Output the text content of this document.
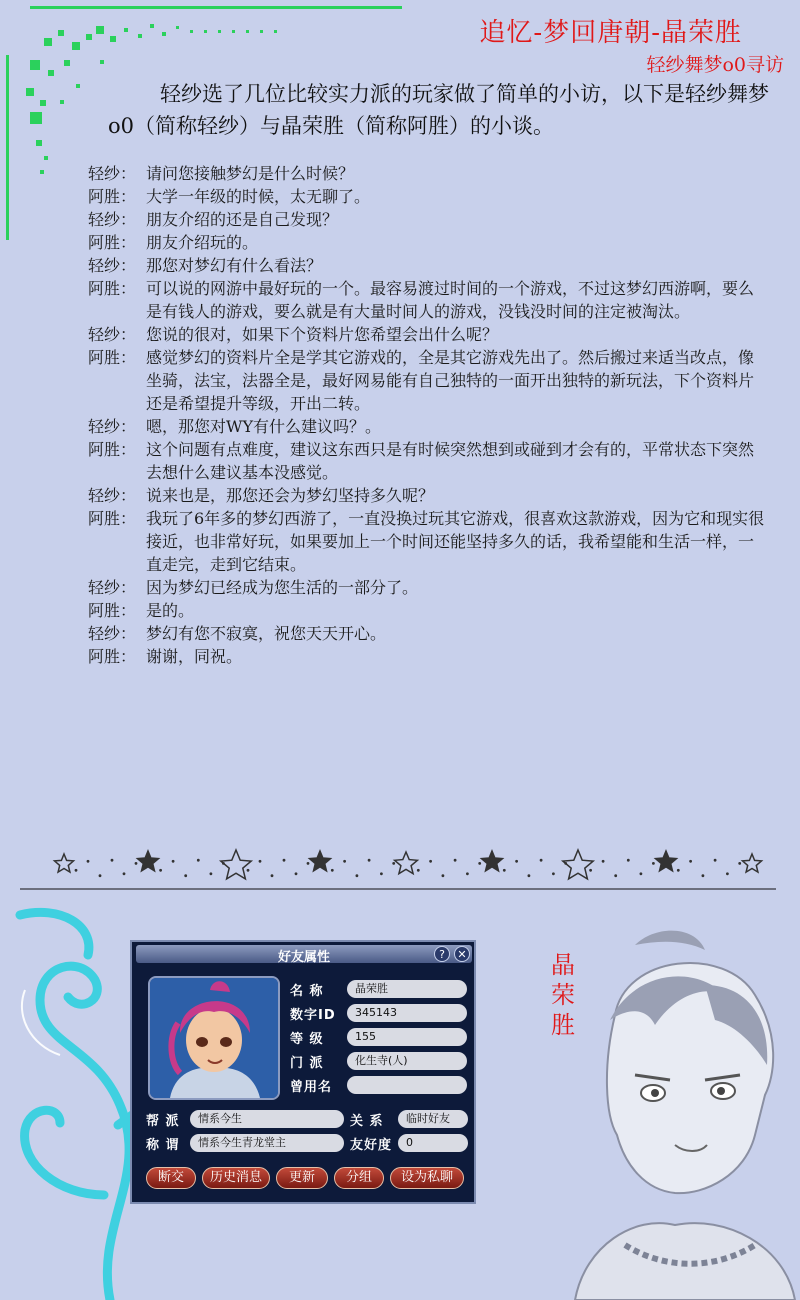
追忆-梦回唐朝-晶荣胜
轻纱舞梦o0寻访
轻纱选了几位比较实力派的玩家做了简单的小访，以下是轻纱舞梦o0（简称轻纱）与晶荣胜（简称阿胜）的小谈。
轻纱： 请问您接触梦幻是什么时候？
阿胜： 大学一年级的时候，太无聊了。
轻纱： 朋友介绍的还是自己发现？
阿胜： 朋友介绍玩的。
轻纱： 那您对梦幻有什么看法？
阿胜： 可以说的网游中最好玩的一个。最容易渡过时间的一个游戏，不过这梦幻西游啊，要么是有钱人的游戏，要么就是有大量时间人的游戏，没钱没时间的注定被淘汰。
轻纱： 您说的很对，如果下个资料片您希望会出什么呢？
阿胜： 感觉梦幻的资料片全是学其它游戏的，全是其它游戏先出了。然后搬过来适当改点，像坐骑，法宝，法器全是，最好网易能有自己独特的一面开出独特的新玩法，下个资料片还是希望提升等级，开出二转。
轻纱： 嗯，那您对WY有什么建议吗？。
阿胜： 这个问题有点难度，建议这东西只是有时候突然想到或碰到才会有的，平常状态下突然去想什么建议基本没感觉。
轻纱： 说来也是，那您还会为梦幻坚持多久呢？
阿胜： 我玩了6年多的梦幻西游了，一直没换过玩其它游戏，很喜欢这款游戏，因为它和现实很接近，也非常好玩，如果要加上一个时间还能坚持多久的话，我希望能和生活一样，一直走完，走到它结束。
轻纱： 因为梦幻已经成为您生活的一部分了。
阿胜： 是的。
轻纱： 梦幻有您不寂寞，祝您天天开心。
阿胜： 谢谢，同祝。
晶
荣
胜
好友属性	?	✕
名 称	晶荣胜
数字ID	345143
等 级	155
门 派	化生寺(人)
曾用名
帮 派	情系今生	关 系	临时好友
称 谓	情系今生青龙堂主	友好度	0
断交	历史消息	更新	分组	设为私聊
